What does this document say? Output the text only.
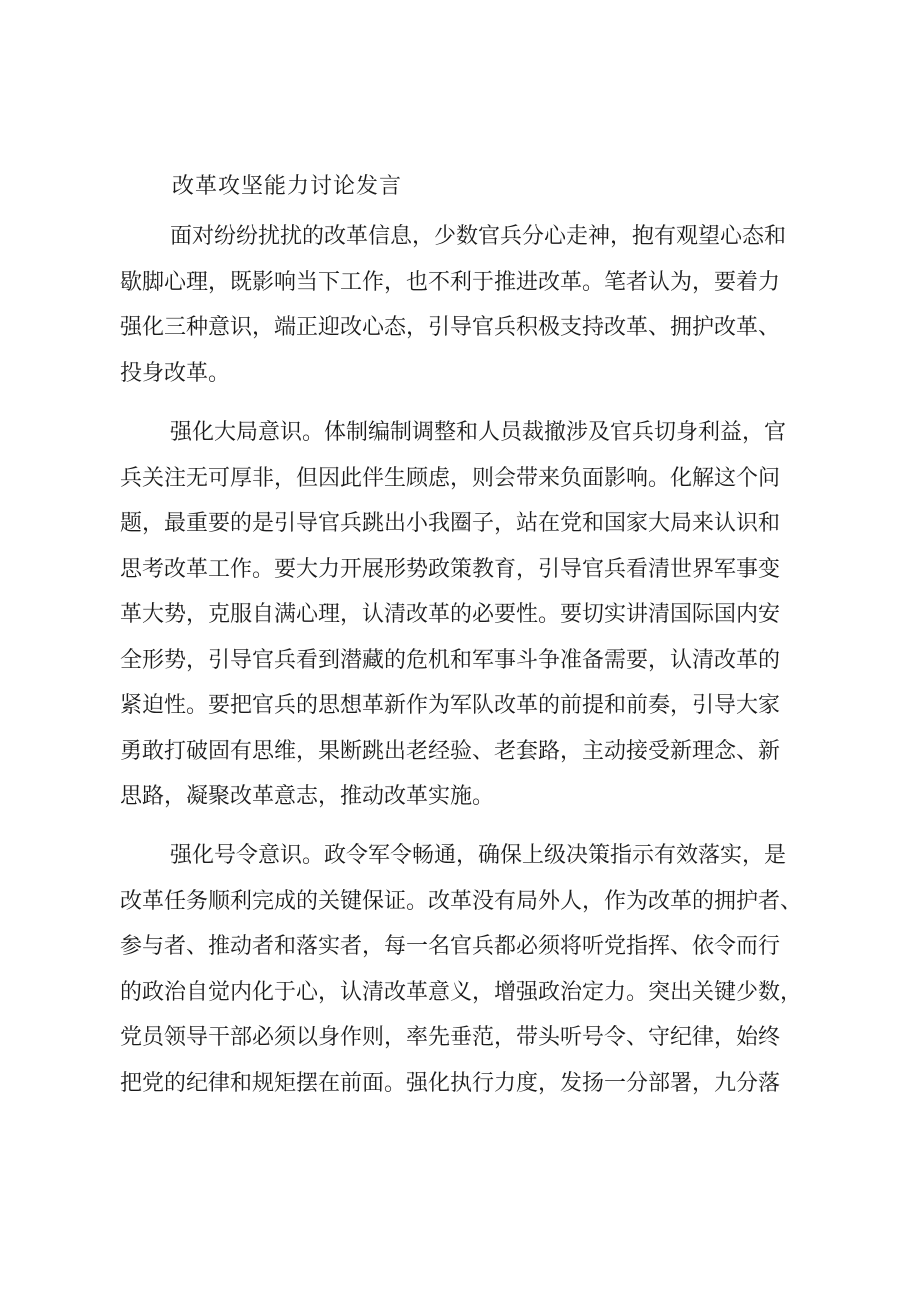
改革攻坚能力讨论发言
面对纷纷扰扰的改革信息，少数官兵分心走神，抱有观望心态和
歇脚心理，既影响当下工作，也不利于推进改革。笔者认为，要着力
强化三种意识，端正迎改心态，引导官兵积极支持改革、拥护改革、
投身改革。
强化大局意识。体制编制调整和人员裁撤涉及官兵切身利益，官
兵关注无可厚非，但因此伴生顾虑，则会带来负面影响。化解这个问
题，最重要的是引导官兵跳出小我圈子，站在党和国家大局来认识和
思考改革工作。要大力开展形势政策教育，引导官兵看清世界军事变
革大势，克服自满心理，认清改革的必要性。要切实讲清国际国内安
全形势，引导官兵看到潜藏的危机和军事斗争准备需要，认清改革的
紧迫性。要把官兵的思想革新作为军队改革的前提和前奏，引导大家
勇敢打破固有思维，果断跳出老经验、老套路，主动接受新理念、新
思路，凝聚改革意志，推动改革实施。
强化号令意识。政令军令畅通，确保上级决策指示有效落实，是
改革任务顺利完成的关键保证。改革没有局外人，作为改革的拥护者、
参与者、推动者和落实者，每一名官兵都必须将听党指挥、依令而行
的政治自觉内化于心，认清改革意义，增强政治定力。突出关键少数，
党员领导干部必须以身作则，率先垂范，带头听号令、守纪律，始终
把党的纪律和规矩摆在前面。强化执行力度，发扬一分部署，九分落
